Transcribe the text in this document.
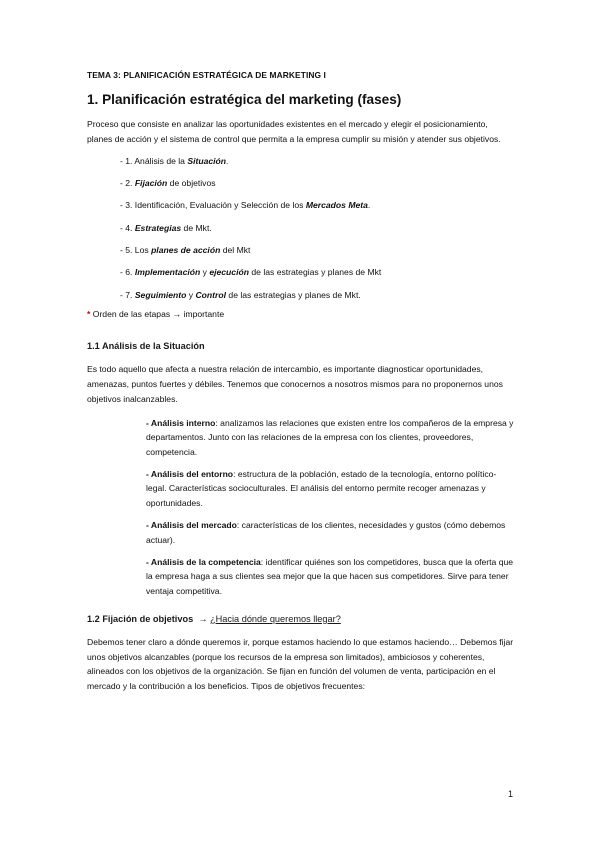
TEMA 3: PLANIFICACIÓN ESTRATÉGICA DE MARKETING I
1. Planificación estratégica del marketing (fases)
Proceso que consiste en analizar las oportunidades existentes en el mercado y elegir el posicionamiento, planes de acción y el sistema de control que permita a la empresa cumplir su misión y atender sus objetivos.
- 1. Análisis de la Situación.
- 2. Fijación de objetivos
- 3. Identificación, Evaluación y Selección de los Mercados Meta.
- 4. Estrategias de Mkt.
- 5. Los planes de acción del Mkt
- 6. Implementación y ejecución de las estrategias y planes de Mkt
- 7. Seguimiento y Control de las estrategias y planes de Mkt.
* Orden de las etapas → importante
1.1 Análisis de la Situación
Es todo aquello que afecta a nuestra relación de intercambio, es importante diagnosticar oportunidades, amenazas, puntos fuertes y débiles. Tenemos que conocernos a nosotros mismos para no proponernos unos objetivos inalcanzables.
- Análisis interno: analizamos las relaciones que existen entre los compañeros de la empresa y departamentos. Junto con las relaciones de la empresa con los clientes, proveedores, competencia.
- Análisis del entorno: estructura de la población, estado de la tecnología, entorno político-legal. Características socioculturales. El análisis del entorno permite recoger amenazas y oportunidades.
- Análisis del mercado: características de los clientes, necesidades y gustos (cómo debemos actuar).
- Análisis de la competencia: identificar quiénes son los competidores, busca que la oferta que la empresa haga a sus clientes sea mejor que la que hacen sus competidores. Sirve para tener ventaja competitiva.
1.2 Fijación de objetivos → ¿Hacia dónde queremos llegar?
Debemos tener claro a dónde queremos ir, porque estamos haciendo lo que estamos haciendo… Debemos fijar unos objetivos alcanzables (porque los recursos de la empresa son limitados), ambiciosos y coherentes, alineados con los objetivos de la organización. Se fijan en función del volumen de venta, participación en el mercado y la contribución a los beneficios. Tipos de objetivos frecuentes:
1
